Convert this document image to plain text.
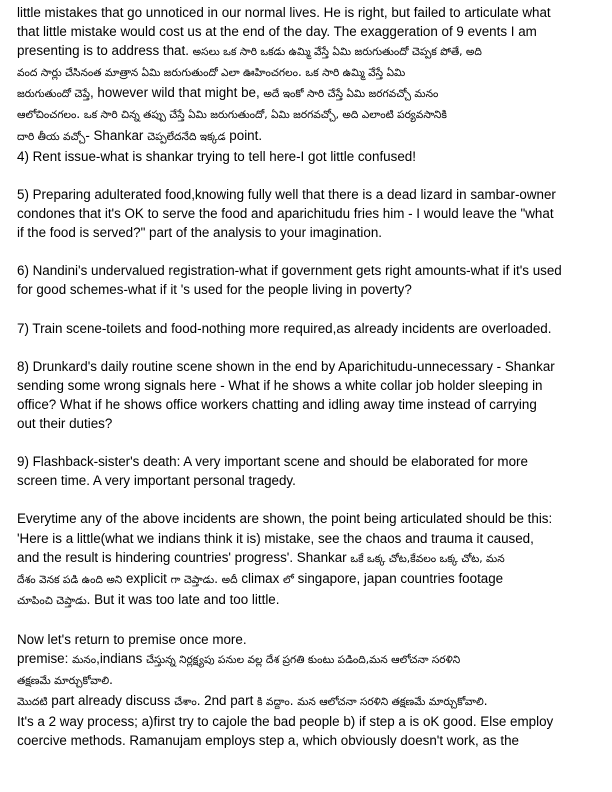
little mistakes that go unnoticed in our normal lives. He is right, but failed to articulate what
that little mistake would cost us at the end of the day. The exaggeration of 9 events I am
presenting is to address that. అసలు ఒక సారి ఒకడు ఉమ్మి వేస్తే ఏమి జరుగుతుందో చెప్పక పోతే, అది
వంద సార్లు చేసినంత మాత్రాన ఏమి జరుగుతుందో ఎలా ఊహించగలం. ఒక సారి ఉమ్మి వేస్తే ఏమి
జరుగుతుందో చెప్తే, however wild that might be, అదే ఇంకో సారి చేస్తే ఏమి జరగవచ్చో మనం
ఆలోచించగలం. ఒక సారి చిన్న తప్పు చేస్తే ఏమి జరుగుతుందో, ఏమి జరగవచ్చో, అది ఎలాంటి పర్యవసానికి
దారి తీయ వచ్చో- Shankar చెప్పలేదనేది ఇక్కడ point.
4) Rent issue-what is shankar trying to tell here-I got little confused!
5) Preparing adulterated food,knowing fully well that there is a dead lizard in sambar-owner
condones that it's OK to serve the food and aparichitudu fries him - I would leave the "what
if the food is served?" part of the analysis to your imagination.
6) Nandini's undervalued registration-what if government gets right amounts-what if it's used
for good schemes-what if it 's used for the people living in poverty?
7) Train scene-toilets and food-nothing more required,as already incidents are overloaded.
8) Drunkard's daily routine scene shown in the end by Aparichitudu-unnecessary - Shankar
sending some wrong signals here - What if he shows a white collar job holder sleeping in
office? What if he shows office workers chatting and idling away time instead of carrying
out their duties?
9) Flashback-sister's death: A very important scene and should be elaborated for more
screen time. A very important personal tragedy.
Everytime any of the above incidents are shown, the point being articulated should be this:
'Here is a little(what we indians think it is) mistake, see the chaos and trauma it caused,
and the result is hindering countries' progress'. Shankar ఒకే ఒక్క చోట,కేవలం ఒక్క చోట, మన
దేశం వెనక పడి ఉంది అని explicit గా చెప్తాడు. అదీ climax లో singapore, japan countries footage
చూపించి చెప్తాడు. But it was too late and too little.
Now let's return to premise once more.
premise: మనం,indians చేస్తున్న నిర్లక్ష్యపు పనుల వల్ల దేశ ప్రగతి కుంటు పడింది,మన ఆలోచనా సరళిని
తక్షణమే మార్చుకోవాలి.
మొదటి part already discuss చేశాం. 2nd part కి వద్దాం. మన ఆలోచనా సరళిని తక్షణమే మార్చుకోవాలి.
It's a 2 way process; a)first try to cajole the bad people b) if step a is oK good. Else employ
coercive methods. Ramanujam employs step a, which obviously doesn't work, as the
